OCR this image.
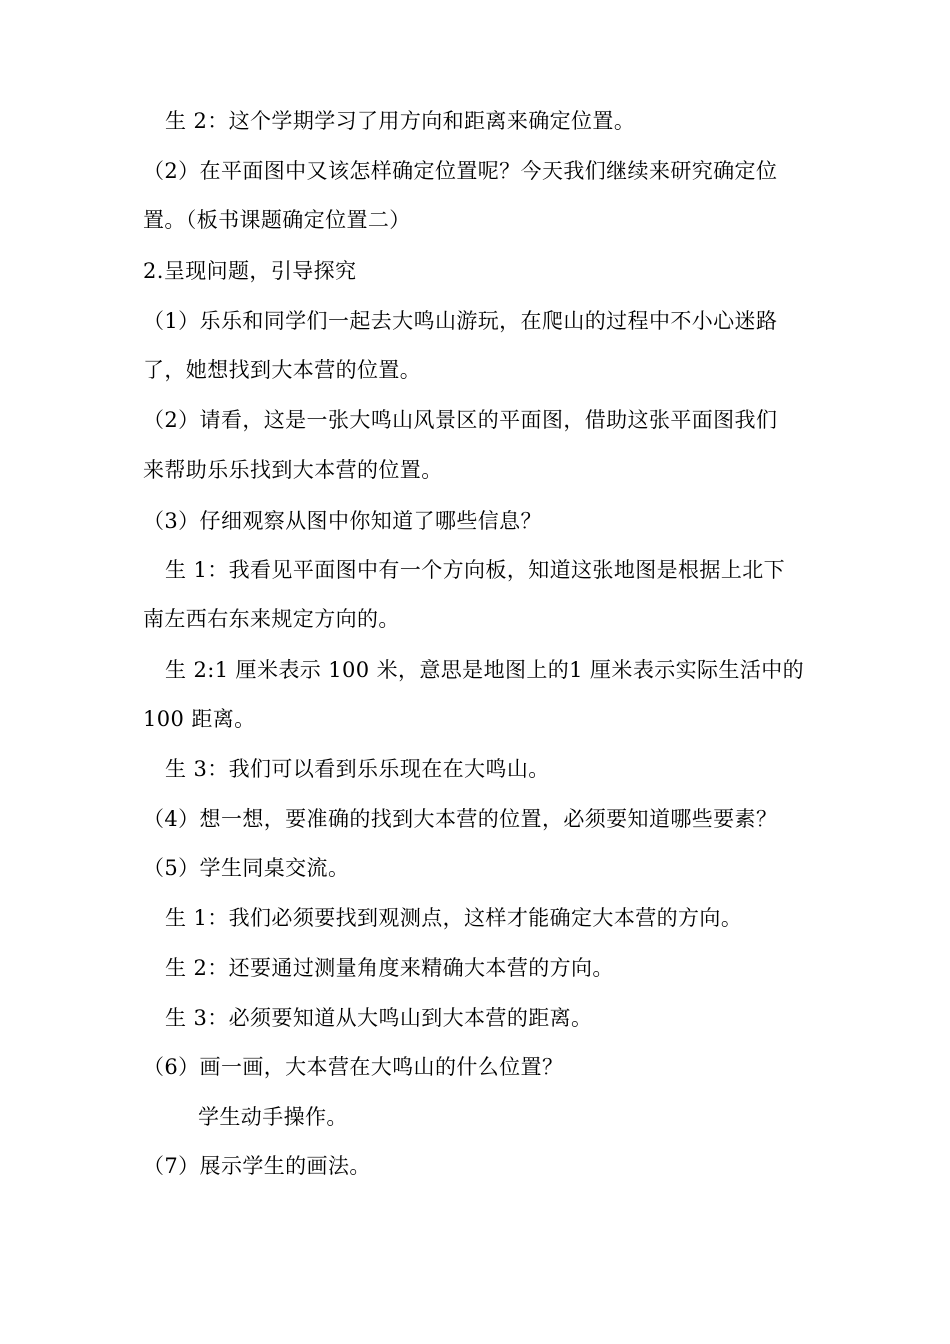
生 2：这个学期学习了用方向和距离来确定位置。
（2）在平面图中又该怎样确定位置呢？今天我们继续来研究确定位
置。（板书课题确定位置二）
2.呈现问题，引导探究
（1）乐乐和同学们一起去大鸣山游玩，在爬山的过程中不小心迷路
了，她想找到大本营的位置。
（2）请看，这是一张大鸣山风景区的平面图，借助这张平面图我们
来帮助乐乐找到大本营的位置。
（3）仔细观察从图中你知道了哪些信息？
生 1：我看见平面图中有一个方向板，知道这张地图是根据上北下
南左西右东来规定方向的。
生 2:1 厘米表示 100 米，意思是地图上的1 厘米表示实际生活中的
100 距离。
生 3：我们可以看到乐乐现在在大鸣山。
（4）想一想，要准确的找到大本营的位置，必须要知道哪些要素？
（5）学生同桌交流。
生 1：我们必须要找到观测点，这样才能确定大本营的方向。
生 2：还要通过测量角度来精确大本营的方向。
生 3：必须要知道从大鸣山到大本营的距离。
（6）画一画，大本营在大鸣山的什么位置？
学生动手操作。
（7）展示学生的画法。
